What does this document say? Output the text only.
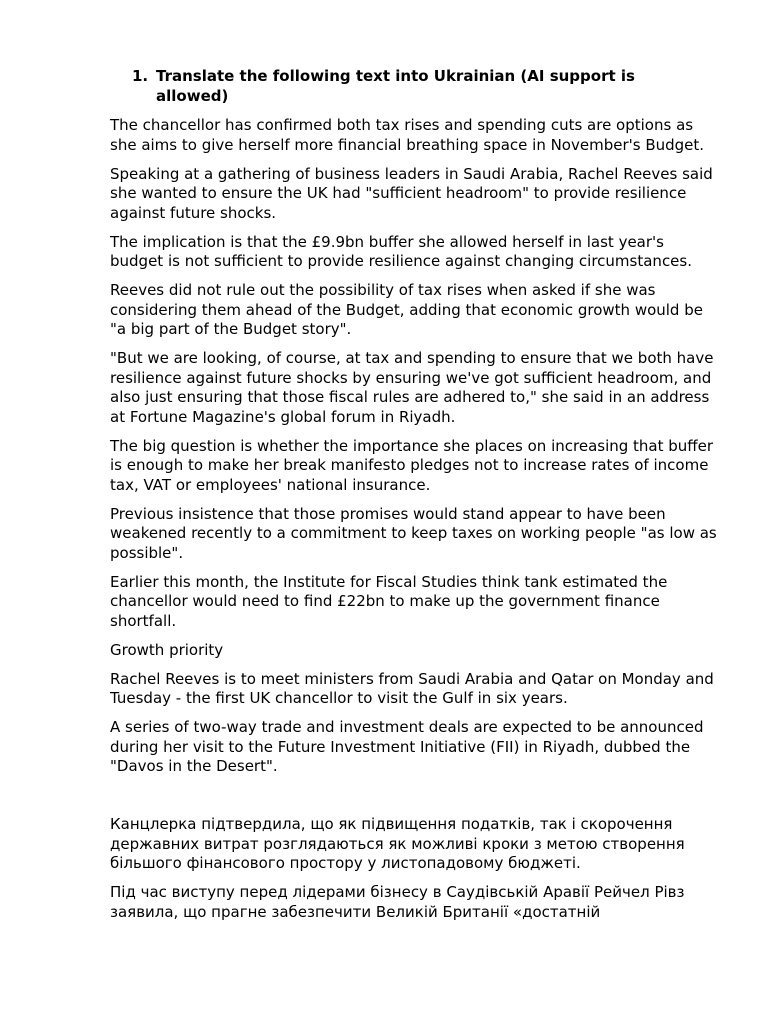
1. Translate the following text into Ukrainian (AI support is allowed)

The chancellor has confirmed both tax rises and spending cuts are options as she aims to give herself more financial breathing space in November's Budget.

Speaking at a gathering of business leaders in Saudi Arabia, Rachel Reeves said she wanted to ensure the UK had "sufficient headroom" to provide resilience against future shocks.

The implication is that the £9.9bn buffer she allowed herself in last year's budget is not sufficient to provide resilience against changing circumstances.

Reeves did not rule out the possibility of tax rises when asked if she was considering them ahead of the Budget, adding that economic growth would be "a big part of the Budget story".

"But we are looking, of course, at tax and spending to ensure that we both have resilience against future shocks by ensuring we've got sufficient headroom, and also just ensuring that those fiscal rules are adhered to," she said in an address at Fortune Magazine's global forum in Riyadh.

The big question is whether the importance she places on increasing that buffer is enough to make her break manifesto pledges not to increase rates of income tax, VAT or employees' national insurance.

Previous insistence that those promises would stand appear to have been weakened recently to a commitment to keep taxes on working people "as low as possible".

Earlier this month, the Institute for Fiscal Studies think tank estimated the chancellor would need to find £22bn to make up the government finance shortfall.

Growth priority

Rachel Reeves is to meet ministers from Saudi Arabia and Qatar on Monday and Tuesday - the first UK chancellor to visit the Gulf in six years.

A series of two-way trade and investment deals are expected to be announced during her visit to the Future Investment Initiative (FII) in Riyadh, dubbed the "Davos in the Desert".

Канцлерка підтвердила, що як підвищення податків, так і скорочення державних витрат розглядаються як можливі кроки з метою створення більшого фінансового простору у листопадовому бюджеті.

Під час виступу перед лідерами бізнесу в Саудівській Аравії Рейчел Рівз заявила, що прагне забезпечити Великій Британії «достатній
